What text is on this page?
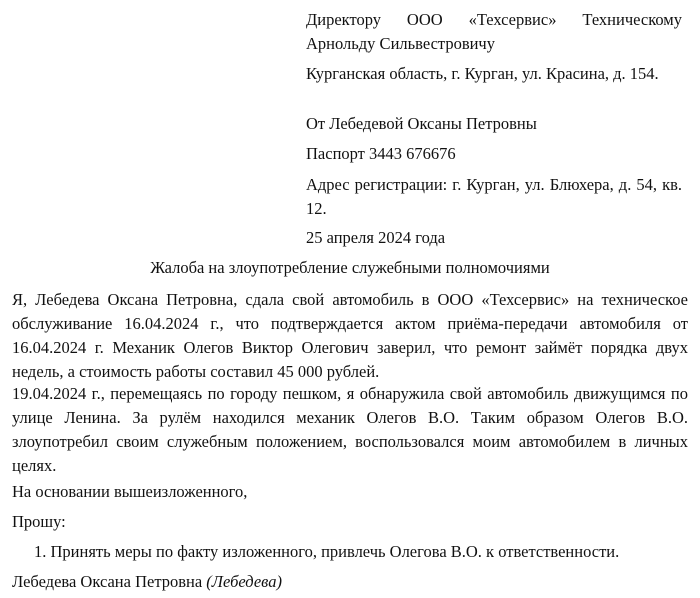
Директору ООО «Техсервис» Техническому Арнольду Сильвестровичу

Курганская область, г. Курган, ул. Красина, д. 154.

От Лебедевой Оксаны Петровны

Паспорт 3443 676676

Адрес регистрации: г. Курган, ул. Блюхера, д. 54, кв. 12.

25 апреля 2024 года

Жалоба на злоупотребление служебными полномочиями

Я, Лебедева Оксана Петровна, сдала свой автомобиль в ООО «Техсервис» на техническое обслуживание 16.04.2024 г., что подтверждается актом приёма-передачи автомобиля от 16.04.2024 г. Механик Олегов Виктор Олегович заверил, что ремонт займёт порядка двух недель, а стоимость работы составил 45 000 рублей.

19.04.2024 г., перемещаясь по городу пешком, я обнаружила свой автомобиль движущимся по улице Ленина. За рулём находился механик Олегов В.О. Таким образом Олегов В.О. злоупотребил своим служебным положением, воспользовался моим автомобилем в личных целях.

На основании вышеизложенного,

Прошу:

1. Принять меры по факту изложенного, привлечь Олегова В.О. к ответственности.

Лебедева Оксана Петровна (Лебедева)
